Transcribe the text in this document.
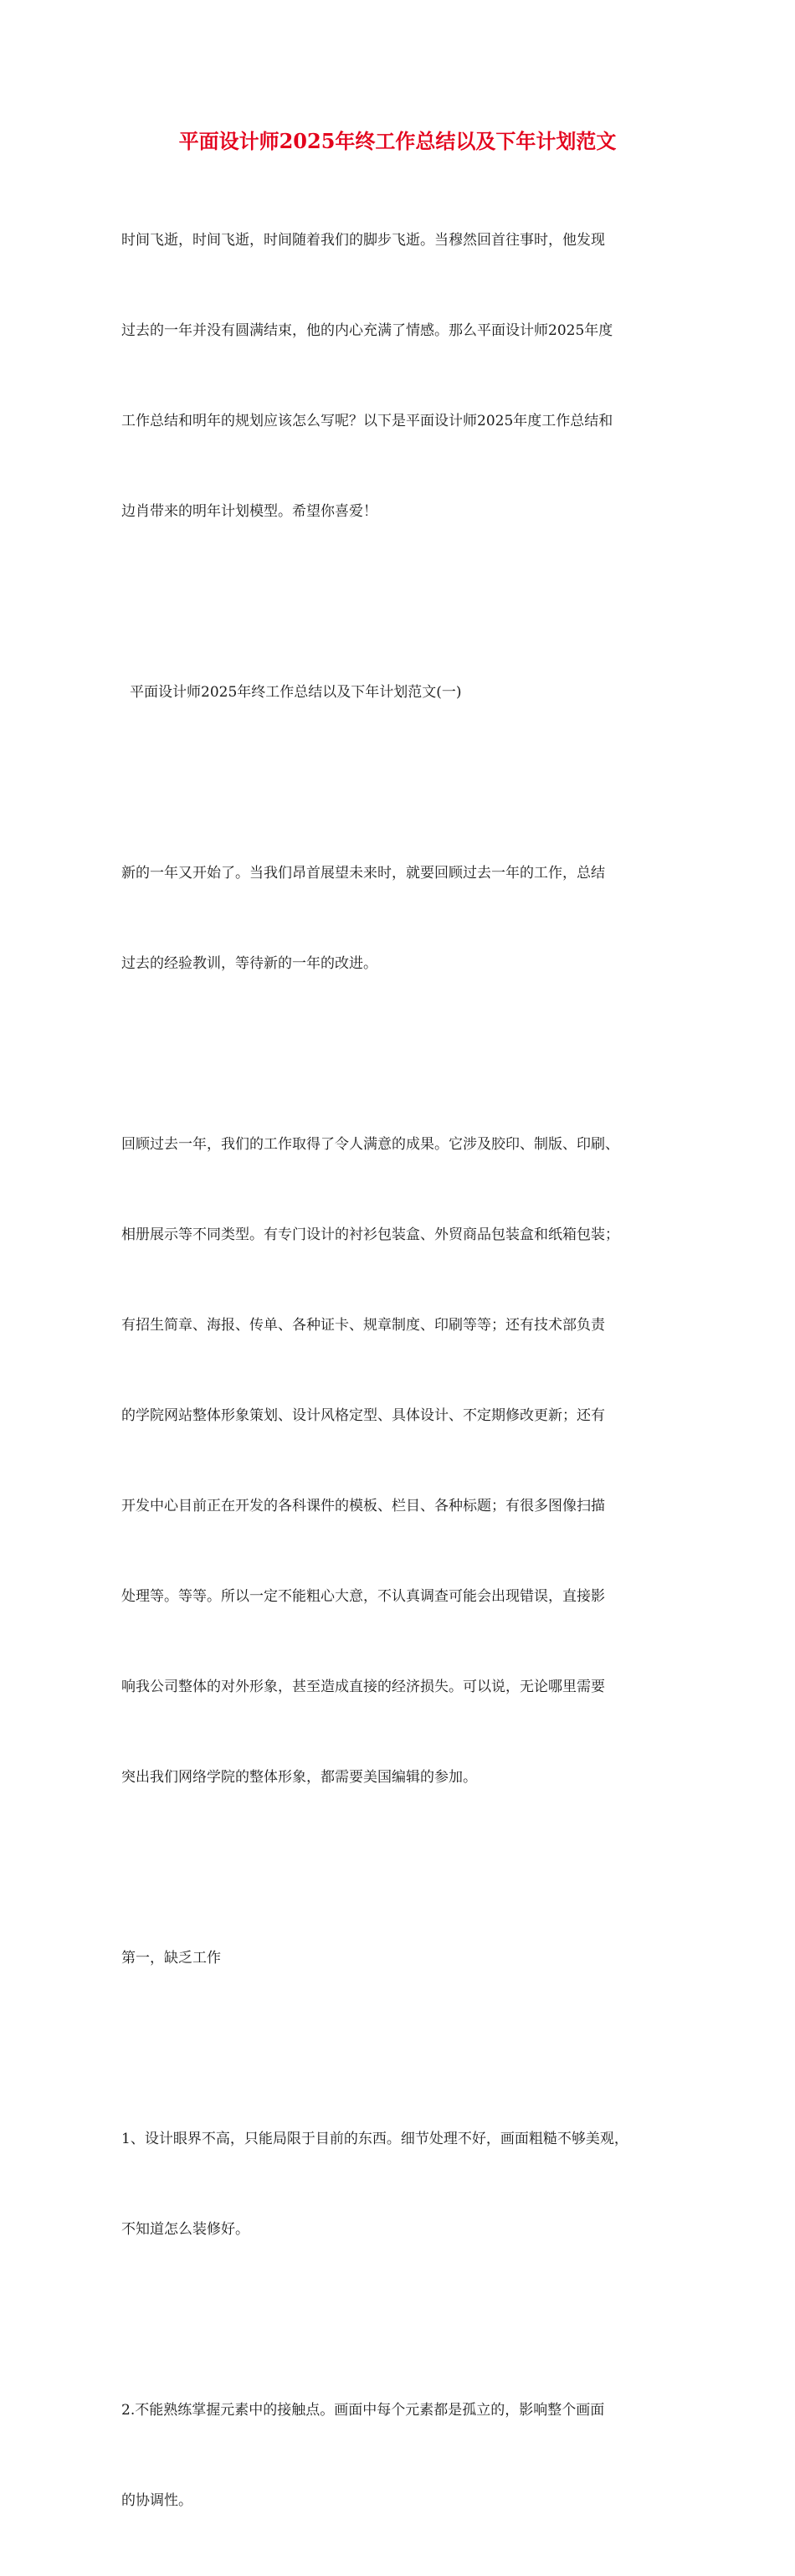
平面设计师2025年终工作总结以及下年计划范文

时间飞逝，时间飞逝，时间随着我们的脚步飞逝。当穆然回首往事时，他发现

过去的一年并没有圆满结束，他的内心充满了情感。那么平面设计师2025年度

工作总结和明年的规划应该怎么写呢？以下是平面设计师2025年度工作总结和

边肖带来的明年计划模型。希望你喜爱！

平面设计师2025年终工作总结以及下年计划范文(一)

新的一年又开始了。当我们昂首展望未来时，就要回顾过去一年的工作，总结

过去的经验教训，等待新的一年的改进。

回顾过去一年，我们的工作取得了令人满意的成果。它涉及胶印、制版、印刷、

相册展示等不同类型。有专门设计的衬衫包装盒、外贸商品包装盒和纸箱包装；

有招生简章、海报、传单、各种证卡、规章制度、印刷等等；还有技术部负责

的学院网站整体形象策划、设计风格定型、具体设计、不定期修改更新；还有

开发中心目前正在开发的各科课件的模板、栏目、各种标题；有很多图像扫描

处理等。等等。所以一定不能粗心大意，不认真调查可能会出现错误，直接影

响我公司整体的对外形象，甚至造成直接的经济损失。可以说，无论哪里需要

突出我们网络学院的整体形象，都需要美国编辑的参加。

第一，缺乏工作

1、设计眼界不高，只能局限于目前的东西。细节处理不好，画面粗糙不够美观，

不知道怎么装修好。

2.不能熟练掌握元素中的接触点。画面中每个元素都是孤立的，影响整个画面

的协调性。
